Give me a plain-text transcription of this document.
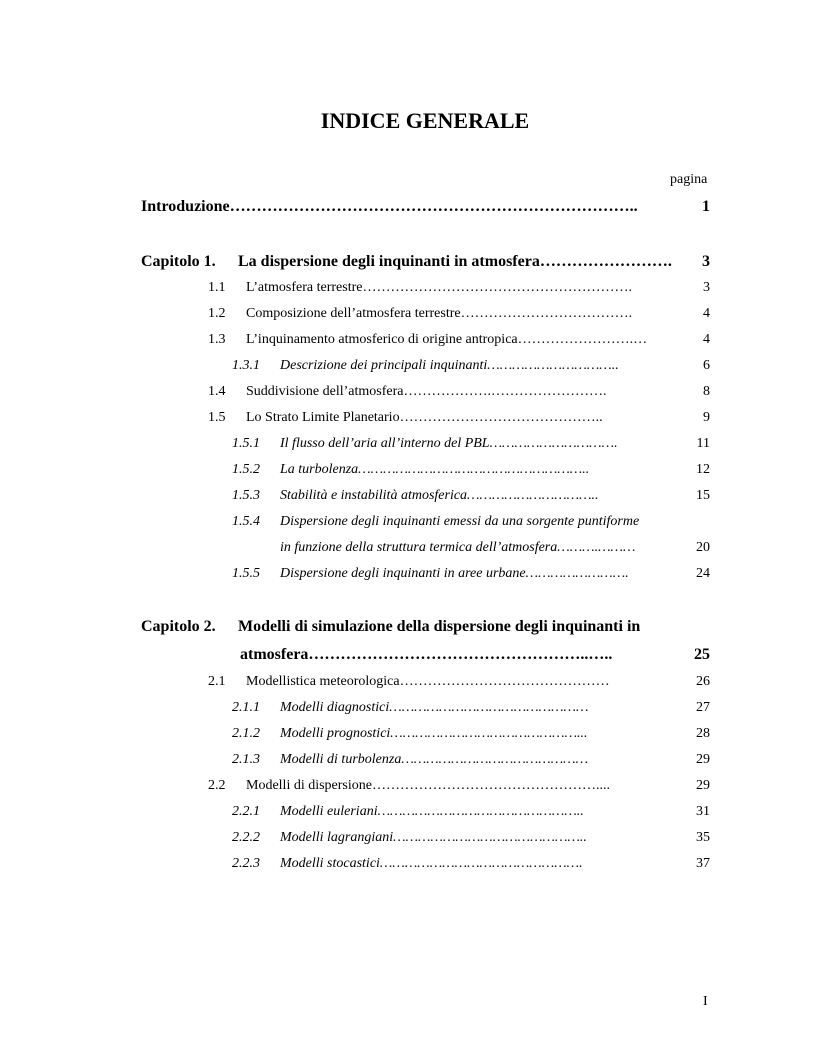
INDICE GENERALE
pagina
Introduzione…………………………………………………………………..	1
Capitolo 1. La dispersione degli inquinanti in atmosfera…………………….	3
1.1 L’atmosfera terrestre………………………………………………….	3
1.2 Composizione dell’atmosfera terrestre……………………………….	4
1.3 L’inquinamento atmosferico di origine antropica…………………….…	4
1.3.1 Descrizione dei principali inquinanti…………………………..	6
1.4 Suddivisione dell’atmosfera……………….…………………….	8
1.5 Lo Strato Limite Planetario……………………………………..	9
1.5.1 Il flusso dell’aria all’interno del PBL………………………….	11
1.5.2 La turbolenza………………………………………………..	12
1.5.3 Stabilità e instabilità atmosferica…………………………..	15
1.5.4 Dispersione degli inquinanti emessi da una sorgente puntiforme
in funzione della struttura termica dell’atmosfera……….………	20
1.5.5 Dispersione degli inquinanti in aree urbane…………………….	24
Capitolo 2. Modelli di simulazione della dispersione degli inquinanti in
atmosfera……………………………………………..…..	25
2.1 Modellistica meteorologica………………………………………	26
2.1.1 Modelli diagnostici…………………………………………	27
2.1.2 Modelli prognostici………………………………………...	28
2.1.3 Modelli di turbolenza………………………………………	29
2.2 Modelli di dispersione…………………………………………....	29
2.2.1 Modelli euleriani…………………………………………..	31
2.2.2 Modelli lagrangiani………………………………………..	35
2.2.3 Modelli stocastici………………………………………….	37
I
